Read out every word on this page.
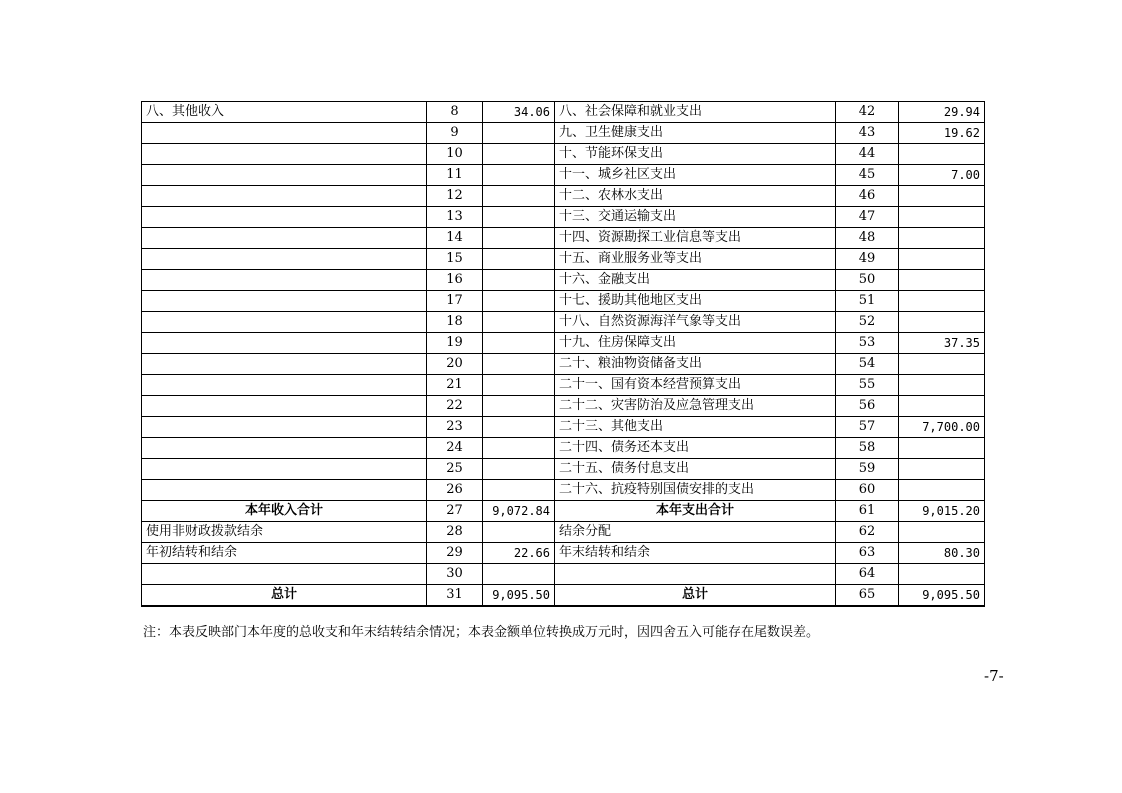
八、其他收入	8	34.06	八、社会保障和就业支出	42	29.94
	9		九、卫生健康支出	43	19.62
	10		十、节能环保支出	44	
	11		十一、城乡社区支出	45	7.00
	12		十二、农林水支出	46	
	13		十三、交通运输支出	47	
	14		十四、资源勘探工业信息等支出	48	
	15		十五、商业服务业等支出	49	
	16		十六、金融支出	50	
	17		十七、援助其他地区支出	51	
	18		十八、自然资源海洋气象等支出	52	
	19		十九、住房保障支出	53	37.35
	20		二十、粮油物资储备支出	54	
	21		二十一、国有资本经营预算支出	55	
	22		二十二、灾害防治及应急管理支出	56	
	23		二十三、其他支出	57	7,700.00
	24		二十四、债务还本支出	58	
	25		二十五、债务付息支出	59	
	26		二十六、抗疫特别国债安排的支出	60	
本年收入合计	27	9,072.84	本年支出合计	61	9,015.20
使用非财政拨款结余	28		结余分配	62	
年初结转和结余	29	22.66	年末结转和结余	63	80.30
	30			64	
总计	31	9,095.50	总计	65	9,095.50
注：本表反映部门本年度的总收支和年末结转结余情况；本表金额单位转换成万元时，因四舍五入可能存在尾数误差。
-7-
